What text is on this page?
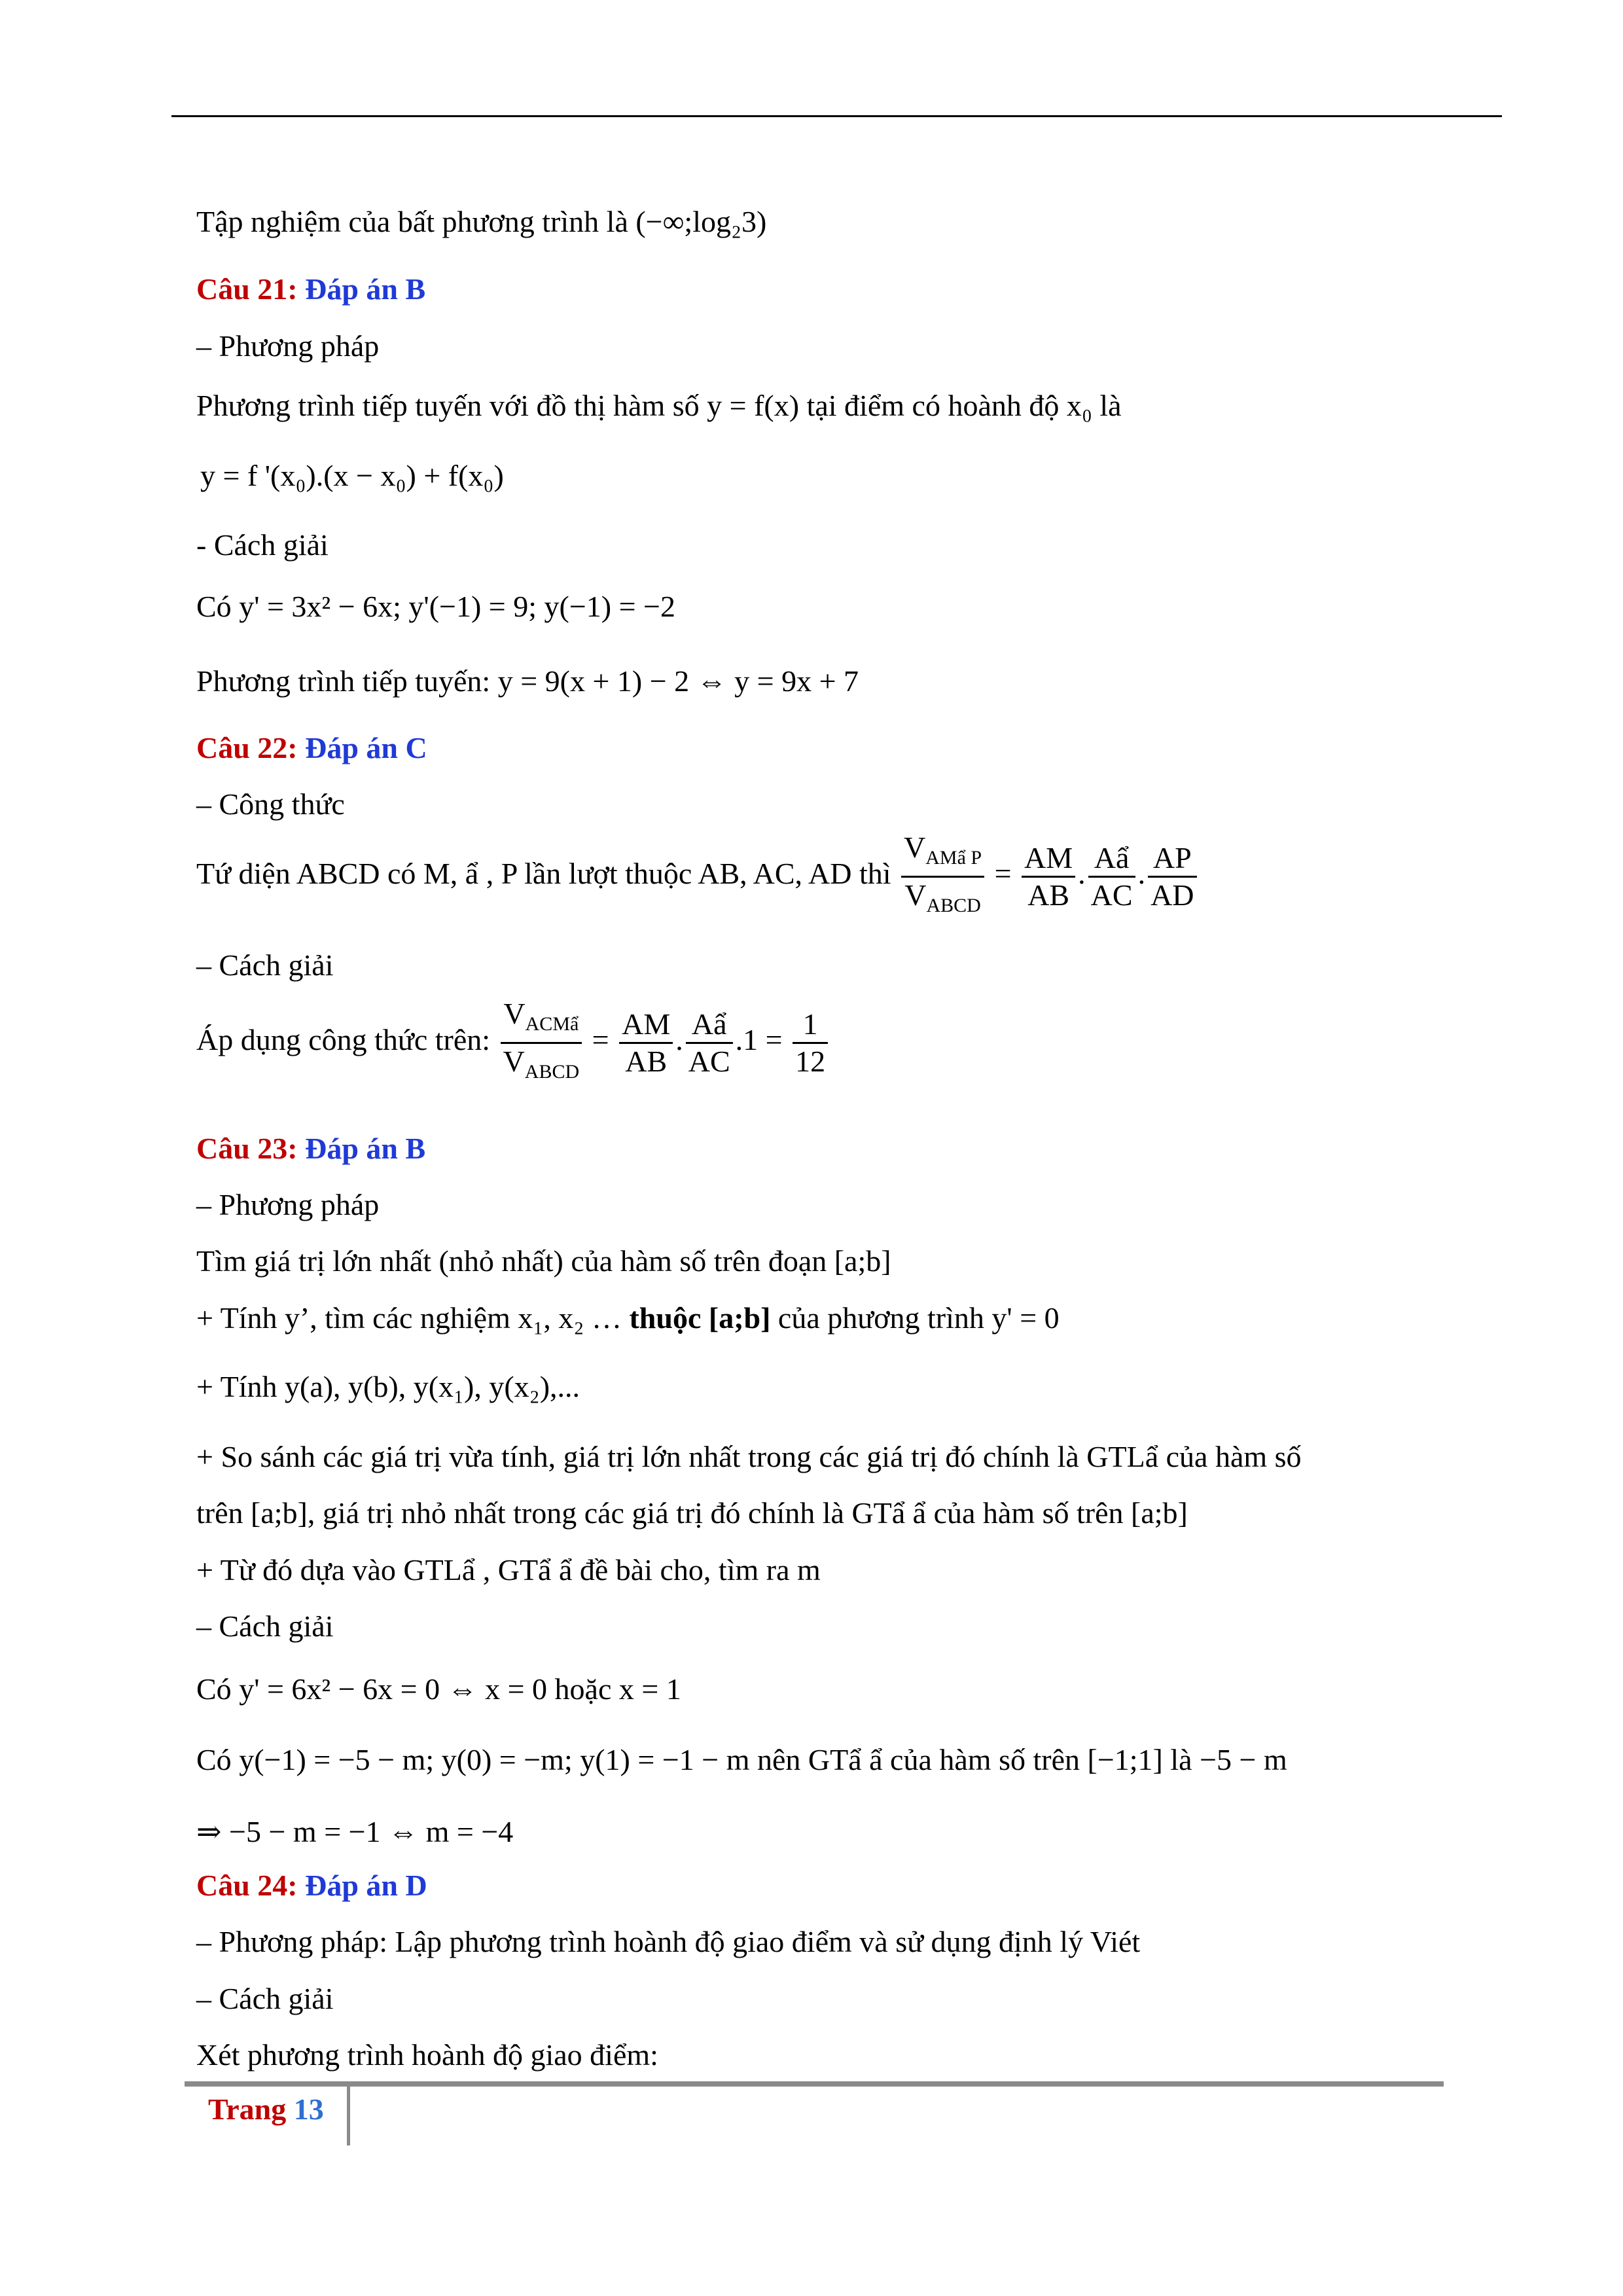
Tập nghiệm của bất phương trình là (−∞;log₂3)
Câu 21: Đáp án B
– Phương pháp
Phương trình tiếp tuyến với đồ thị hàm số y = f(x) tại điểm có hoành độ x₀ là
y = f '(x₀).(x − x₀) + f(x₀)
- Cách giải
Có y' = 3x² − 6x; y'(−1) = 9; y(−1) = −2
Phương trình tiếp tuyến: y = 9(x + 1) − 2 ⇔ y = 9x + 7
Câu 22: Đáp án C
– Công thức
Tứ diện ABCD có M, ẩ , P lần lượt thuộc AB, AC, AD thì $\frac{V_{AMẩ P}}{V_{ABCD}} = \frac{AM}{AB}$ . $\frac{\text{Aẩ}}{AC}$ . $\frac{AP}{AD}$
– Cách giải
Áp dụng công thức trên: $\frac{V_{ACMẩ}}{V_{ABCD}} = \frac{AM}{AB}$ . $\frac{\text{Aẩ}}{AC} .1 = \frac{1}{12}$
Câu 23: Đáp án B
– Phương pháp
Tìm giá trị lớn nhất (nhỏ nhất) của hàm số trên đoạn [a;b]
+ Tính y’, tìm các nghiệm x₁, x₂ … thuộc [a;b] của phương trình y' = 0
+ Tính y(a), y(b), y(x₁), y(x₂),...
+ So sánh các giá trị vừa tính, giá trị lớn nhất trong các giá trị đó chính là GTLẩ của hàm số
trên [a;b], giá trị nhỏ nhất trong các giá trị đó chính là GTẩ ẩ của hàm số trên [a;b]
+ Từ đó dựa vào GTLẩ , GTẩ ẩ đề bài cho, tìm ra m
– Cách giải
Có y' = 6x² − 6x = 0 ⇔ x = 0 hoặc x = 1
Có y(−1) = −5 − m; y(0) = −m; y(1) = −1 − m nên GTẩ ẩ của hàm số trên [−1;1] là −5 − m
⇒ −5 − m = −1 ⇔ m = −4
Câu 24: Đáp án D
– Phương pháp: Lập phương trình hoành độ giao điểm và sử dụng định lý Viét
– Cách giải
Xét phương trình hoành độ giao điểm:
Trang 13
